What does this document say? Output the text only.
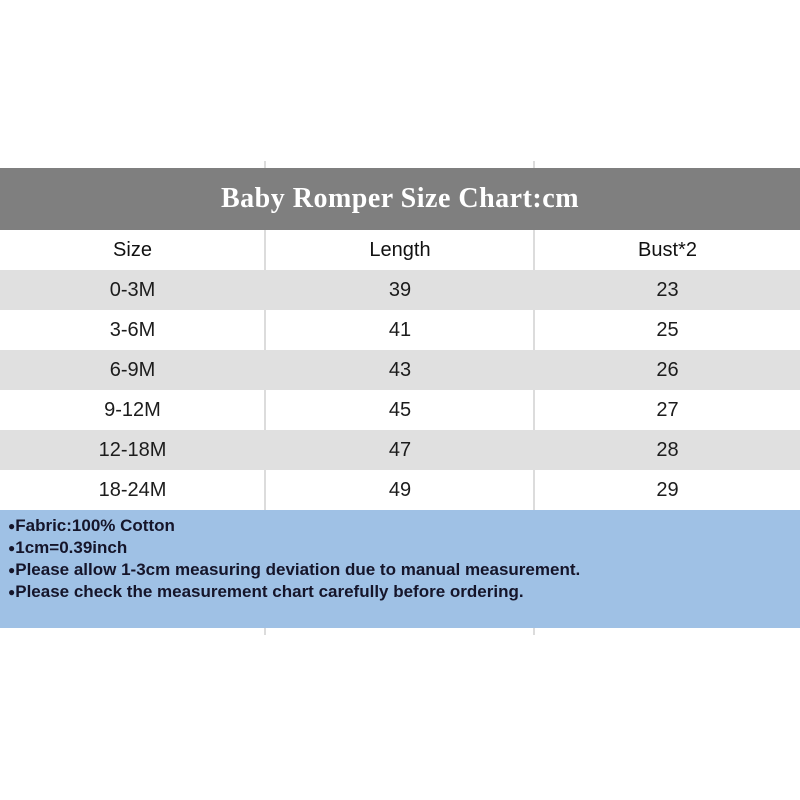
Baby Romper Size Chart:cm
Size	Length	Bust*2
0-3M	39	23
3-6M	41	25
6-9M	43	26
9-12M	45	27
12-18M	47	28
18-24M	49	29
●Fabric:100% Cotton
●1cm=0.39inch
●Please allow 1-3cm measuring deviation due to manual measurement.
●Please check the measurement chart carefully before ordering.
